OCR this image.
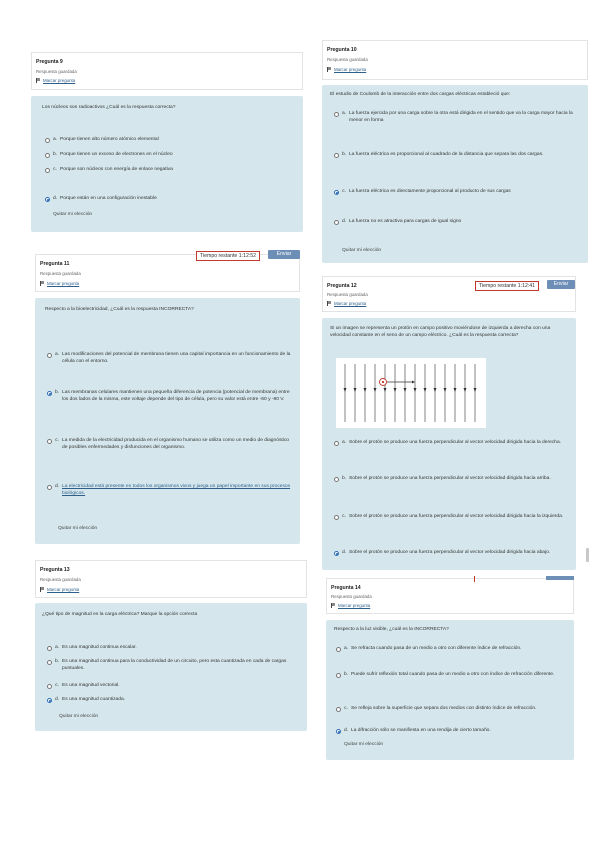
Pregunta 9
Respuesta guardada
Marcar pregunta
Los núcleos son radioactivos ¿Cuál es la respuesta correcta?
a. Porque tienen alto número atómico elemental
b. Porque tienen un exceso de electrones en el núcleo
c. Porque son núcleos con energía de enlace negativa
d. Porque están en una configuración inestable
Quitar mi elección
Pregunta 10
Respuesta guardada
Marcar pregunta
El estudio de Coulomb de la interacción entre dos cargas eléctricas estableció que:
a. La fuerza ejercida por una carga sobre la otra está dirigida en el sentido que va la carga mayor hacia la menor en forma
b. La fuerza eléctrica es proporcional al cuadrado de la distancia que separa las dos cargas.
c. La fuerza eléctrica es directamente proporcional al producto de sus cargas
d. La fuerza no es atractiva para cargas de igual signo
Quitar mi elección
Pregunta 11
Respuesta guardada
Marcar pregunta
Tiempo restante 1:12:52	Enviar
Respecto a la bioelectricidad, ¿Cuál es la respuesta INCORRECTA?
a. Las modificaciones del potencial de membrana tienen una capital importancia en un funcionamiento de la célula con el entorno.
b. Las membranas celulares mantienen una pequeña diferencia de potencia (potencial de membrana) entre los dos lados de la misma, este voltaje depende del tipo de célula, pero su valor está entre -60 y -90 V.
c. La medida de la electricidad producida en el organismo humano se utiliza como un medio de diagnóstico de posibles enfermedades y disfunciones del organismo.
d. La electricidad está presente en todos los organismos vivos y juega un papel importante en sus procesos biológicos.
Quitar mi elección
Pregunta 12
Respuesta guardada
Marcar pregunta
Tiempo restante 1:12:41	Enviar
Si un imagen se representa un protón en campo positivo moviéndose de izquierda a derecha con una velocidad constante en el seno de un campo eléctrico. ¿Cuál es la respuesta correcta?
a. Sobre el protón se produce una fuerza perpendicular al vector velocidad dirigida hacia la derecha.
b. Sobre el protón se produce una fuerza perpendicular al vector velocidad dirigida hacia arriba.
c. Sobre el protón se produce una fuerza perpendicular al vector velocidad dirigida hacia la izquierda.
d. Sobre el protón se produce una fuerza perpendicular al vector velocidad dirigida hacia abajo.
Pregunta 13
Respuesta guardada
Marcar pregunta
¿Qué tipo de magnitud es la carga eléctrica? Marque la opción correcta
a. Es una magnitud continua escalar.
b. Es una magnitud continua para la conductividad de un circuito, pero esta cuantizada en cada de cargas puntuales.
c. Es una magnitud vectorial.
d. Es una magnitud cuantizada.
Quitar mi elección
Pregunta 14
Respuesta guardada
Marcar pregunta
Respecto a la luz visible, ¿cuál es la INCORRECTA?
a. Se refracta cuando pasa de un medio a otro con diferente índice de refracción.
b. Puede sufrir reflexión total cuando pasa de un medio a otro con índice de refracción diferente.
c. Se refleja sobre la superficie que separa dos medios con distinto índice de refracción.
d. La difracción sólo se manifiesta en una rendija de cierto tamaño.
Quitar mi elección
